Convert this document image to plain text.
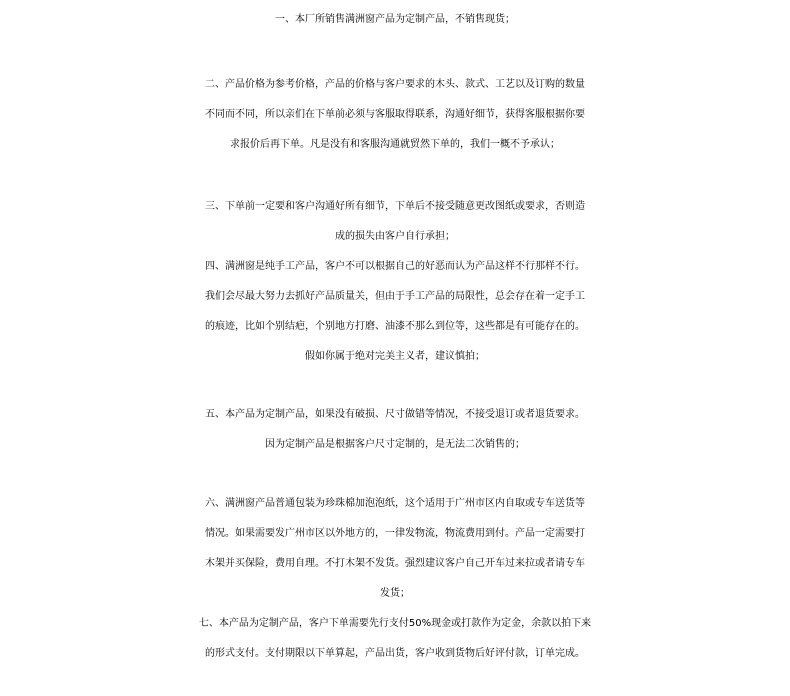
一、本厂所销售满洲窗产品为定制产品，不销售现货；
二、产品价格为参考价格，产品的价格与客户要求的木头、款式、工艺以及订购的数量
不同而不同，所以亲们在下单前必须与客服取得联系，沟通好细节，获得客服根据你要
求报价后再下单。凡是没有和客服沟通就贸然下单的，我们一概不予承认；
三、下单前一定要和客户沟通好所有细节，下单后不接受随意更改图纸或要求，否则造
成的损失由客户自行承担；
四、满洲窗是纯手工产品，客户不可以根据自己的好恶而认为产品这样不行那样不行。
我们会尽最大努力去抓好产品质量关，但由于手工产品的局限性，总会存在着一定手工
的痕迹，比如个别结疤，个别地方打磨、油漆不那么到位等，这些都是有可能存在的。
假如你属于绝对完美主义者，建议慎拍；
五、本产品为定制产品，如果没有破损、尺寸做错等情况，不接受退订或者退货要求。
因为定制产品是根据客户尺寸定制的，是无法二次销售的；
六、满洲窗产品普通包装为珍珠棉加泡泡纸，这个适用于广州市区内自取或专车送货等
情况。如果需要发广州市区以外地方的，一律发物流，物流费用到付。产品一定需要打
木架并买保险，费用自理。不打木架不发货。强烈建议客户自己开车过来拉或者请专车
发货；
七、本产品为定制产品，客户下单需要先行支付50%现金或打款作为定金，余款以拍下来
的形式支付。支付期限以下单算起，产品出货，客户收到货物后好评付款，订单完成。
